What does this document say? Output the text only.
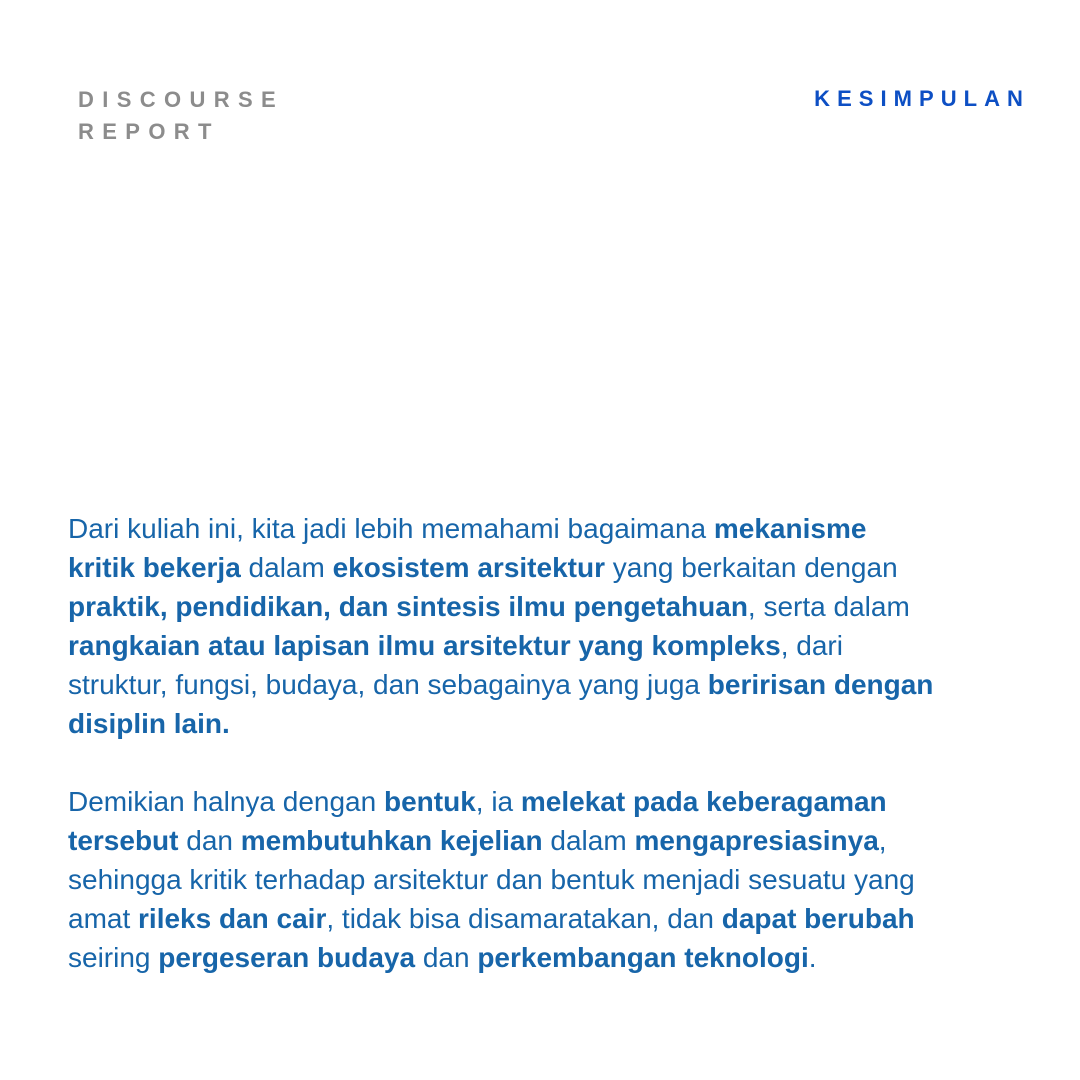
DISCOURSE
REPORT
KESIMPULAN
Dari kuliah ini, kita jadi lebih memahami bagaimana mekanisme
kritik bekerja dalam ekosistem arsitektur yang berkaitan dengan
praktik, pendidikan, dan sintesis ilmu pengetahuan, serta dalam
rangkaian atau lapisan ilmu arsitektur yang kompleks, dari
struktur, fungsi, budaya, dan sebagainya yang juga beririsan dengan
disiplin lain.
Demikian halnya dengan bentuk, ia melekat pada keberagaman
tersebut dan membutuhkan kejelian dalam mengapresiasinya,
sehingga kritik terhadap arsitektur dan bentuk menjadi sesuatu yang
amat rileks dan cair, tidak bisa disamaratakan, dan dapat berubah
seiring pergeseran budaya dan perkembangan teknologi.
